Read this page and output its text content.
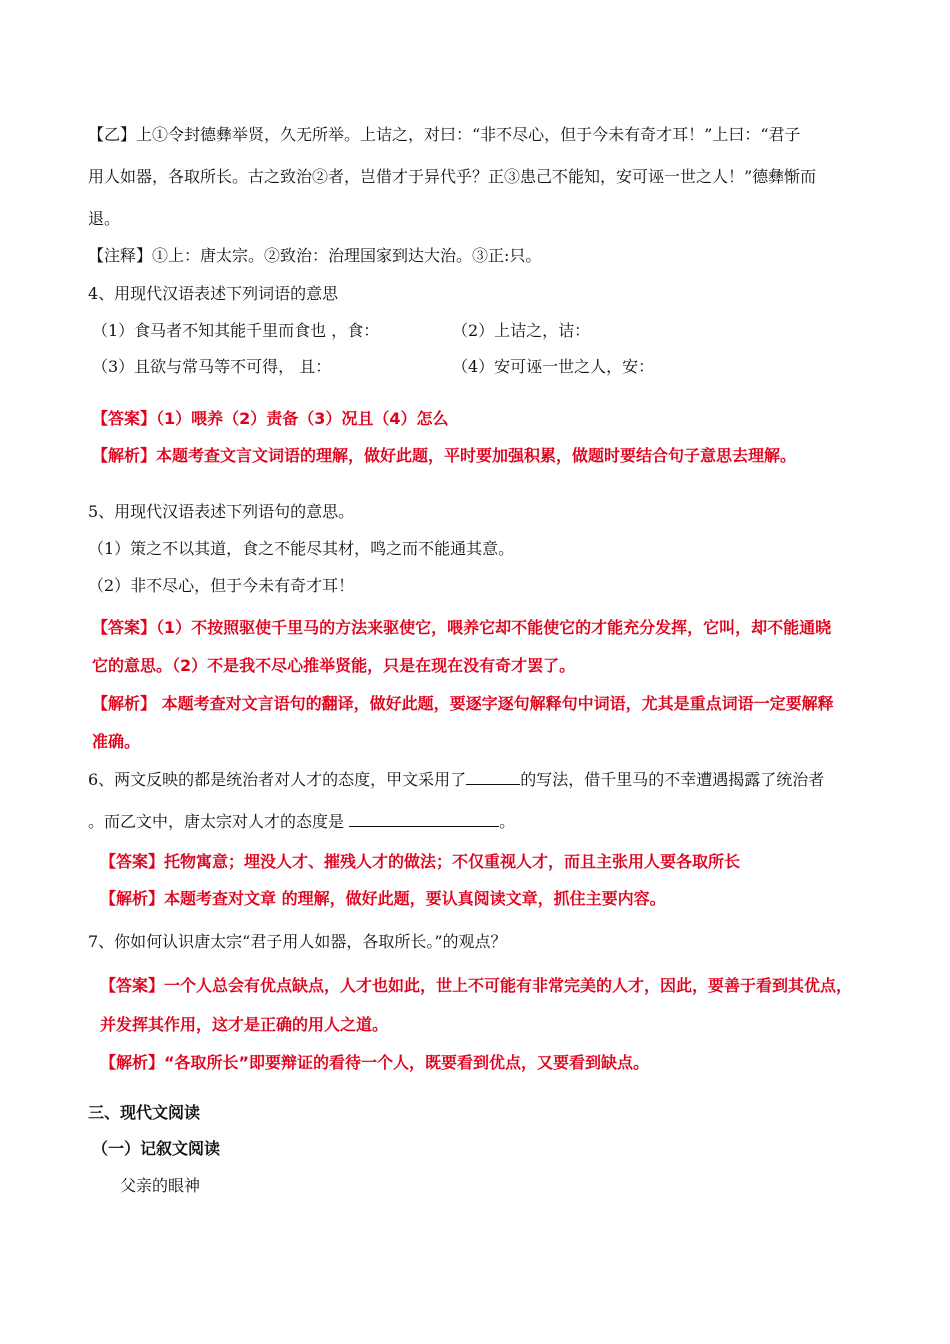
【乙】上①令封德彝举贤，久无所举。上诘之，对曰：“非不尽心，但于今未有奇才耳！”上曰：“君子
用人如器，各取所长。古之致治②者，岂借才于异代乎？正③患己不能知，安可诬一世之人！”德彝惭而
退。
【注释】①上：唐太宗。②致治：治理国家到达大治。③正:只。
4、用现代汉语表述下列词语的意思
（1）食马者不知其能千里而食也 ，食：	（2）上诘之，诘：
（3）且欲与常马等不可得， 且：	（4）安可诬一世之人，安：
【答案】（1）喂养（2）责备（3）况且（4）怎么
【解析】本题考查文言文词语的理解，做好此题，平时要加强积累，做题时要结合句子意思去理解。
5、用现代汉语表述下列语句的意思。
（1）策之不以其道，食之不能尽其材，鸣之而不能通其意。
（2）非不尽心，但于今未有奇才耳！
【答案】（1）不按照驱使千里马的方法来驱使它，喂养它却不能使它的才能充分发挥，它叫，却不能通晓
它的意思。（2）不是我不尽心推举贤能，只是在现在没有奇才罢了。
【解析】 本题考查对文言语句的翻译，做好此题，要逐字逐句解释句中词语，尤其是重点词语一定要解释
准确。
6、两文反映的都是统治者对人才的态度，甲文采用了	的写法，借千里马的不幸遭遇揭露了统治者
。而乙文中，唐太宗对人才的态度是	。
【答案】托物寓意；埋没人才、摧残人才的做法；不仅重视人才，而且主张用人要各取所长
【解析】本题考查对文章 的理解，做好此题，要认真阅读文章，抓住主要内容。
7、你如何认识唐太宗“君子用人如器，各取所长。”的观点？
【答案】一个人总会有优点缺点，人才也如此，世上不可能有非常完美的人才，因此，要善于看到其优点，
并发挥其作用，这才是正确的用人之道。
【解析】“各取所长”即要辩证的看待一个人，既要看到优点，又要看到缺点。
三、现代文阅读
（一）记叙文阅读
父亲的眼神
